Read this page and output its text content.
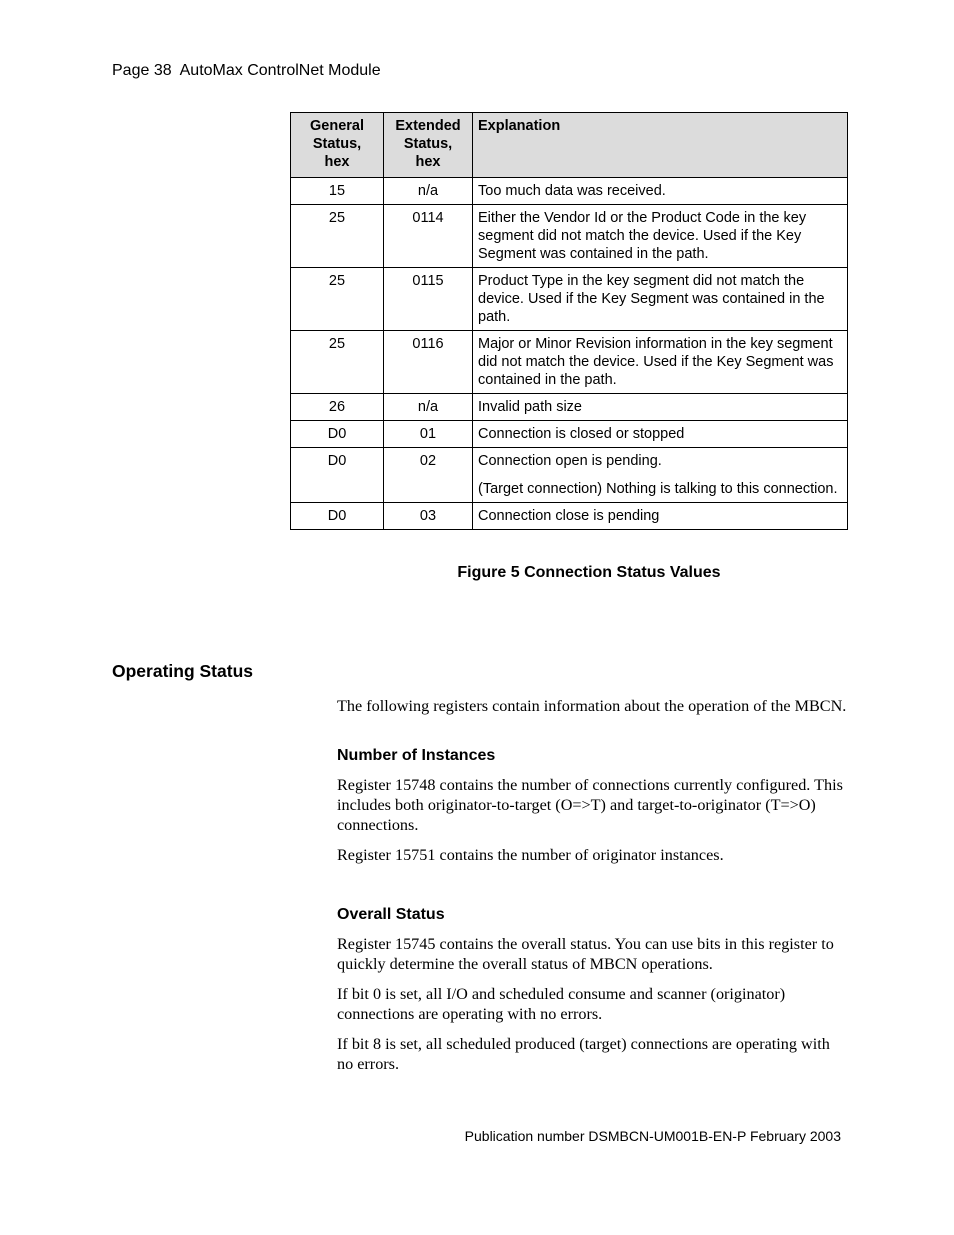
Page 38  AutoMax ControlNet Module
General
Status,
hex	Extended
Status,
hex	Explanation
15	n/a	Too much data was received.

25	0114	Either the Vendor Id or the Product Code in the key segment did not match the device. Used if the Key Segment was contained in the path.

25	0115	Product Type in the key segment did not match the device. Used if the Key Segment was contained in the path.

25	0116	Major or Minor Revision information in the key segment did not match the device. Used if the Key Segment was contained in the path.

26	n/a	Invalid path size

D0	01	Connection is closed or stopped

D0	02	Connection open is pending.

(Target connection) Nothing is talking to this connection.

D0	03	Connection close is pending

Figure 5 Connection Status Values
Operating Status

The following registers contain information about the operation of the MBCN.

Number of Instances

Register 15748 contains the number of connections currently configured. This includes both originator-to-target (O=>T) and target-to-originator (T=>O) connections.

Register 15751 contains the number of originator instances.

Overall Status

Register 15745 contains the overall status. You can use bits in this register to quickly determine the overall status of MBCN operations.

If bit 0 is set, all I/O and scheduled consume and scanner (originator) connections are operating with no errors.

If bit 8 is set, all scheduled produced (target) connections are operating with no errors.

Publication number DSMBCN-UM001B-EN-P February 2003
